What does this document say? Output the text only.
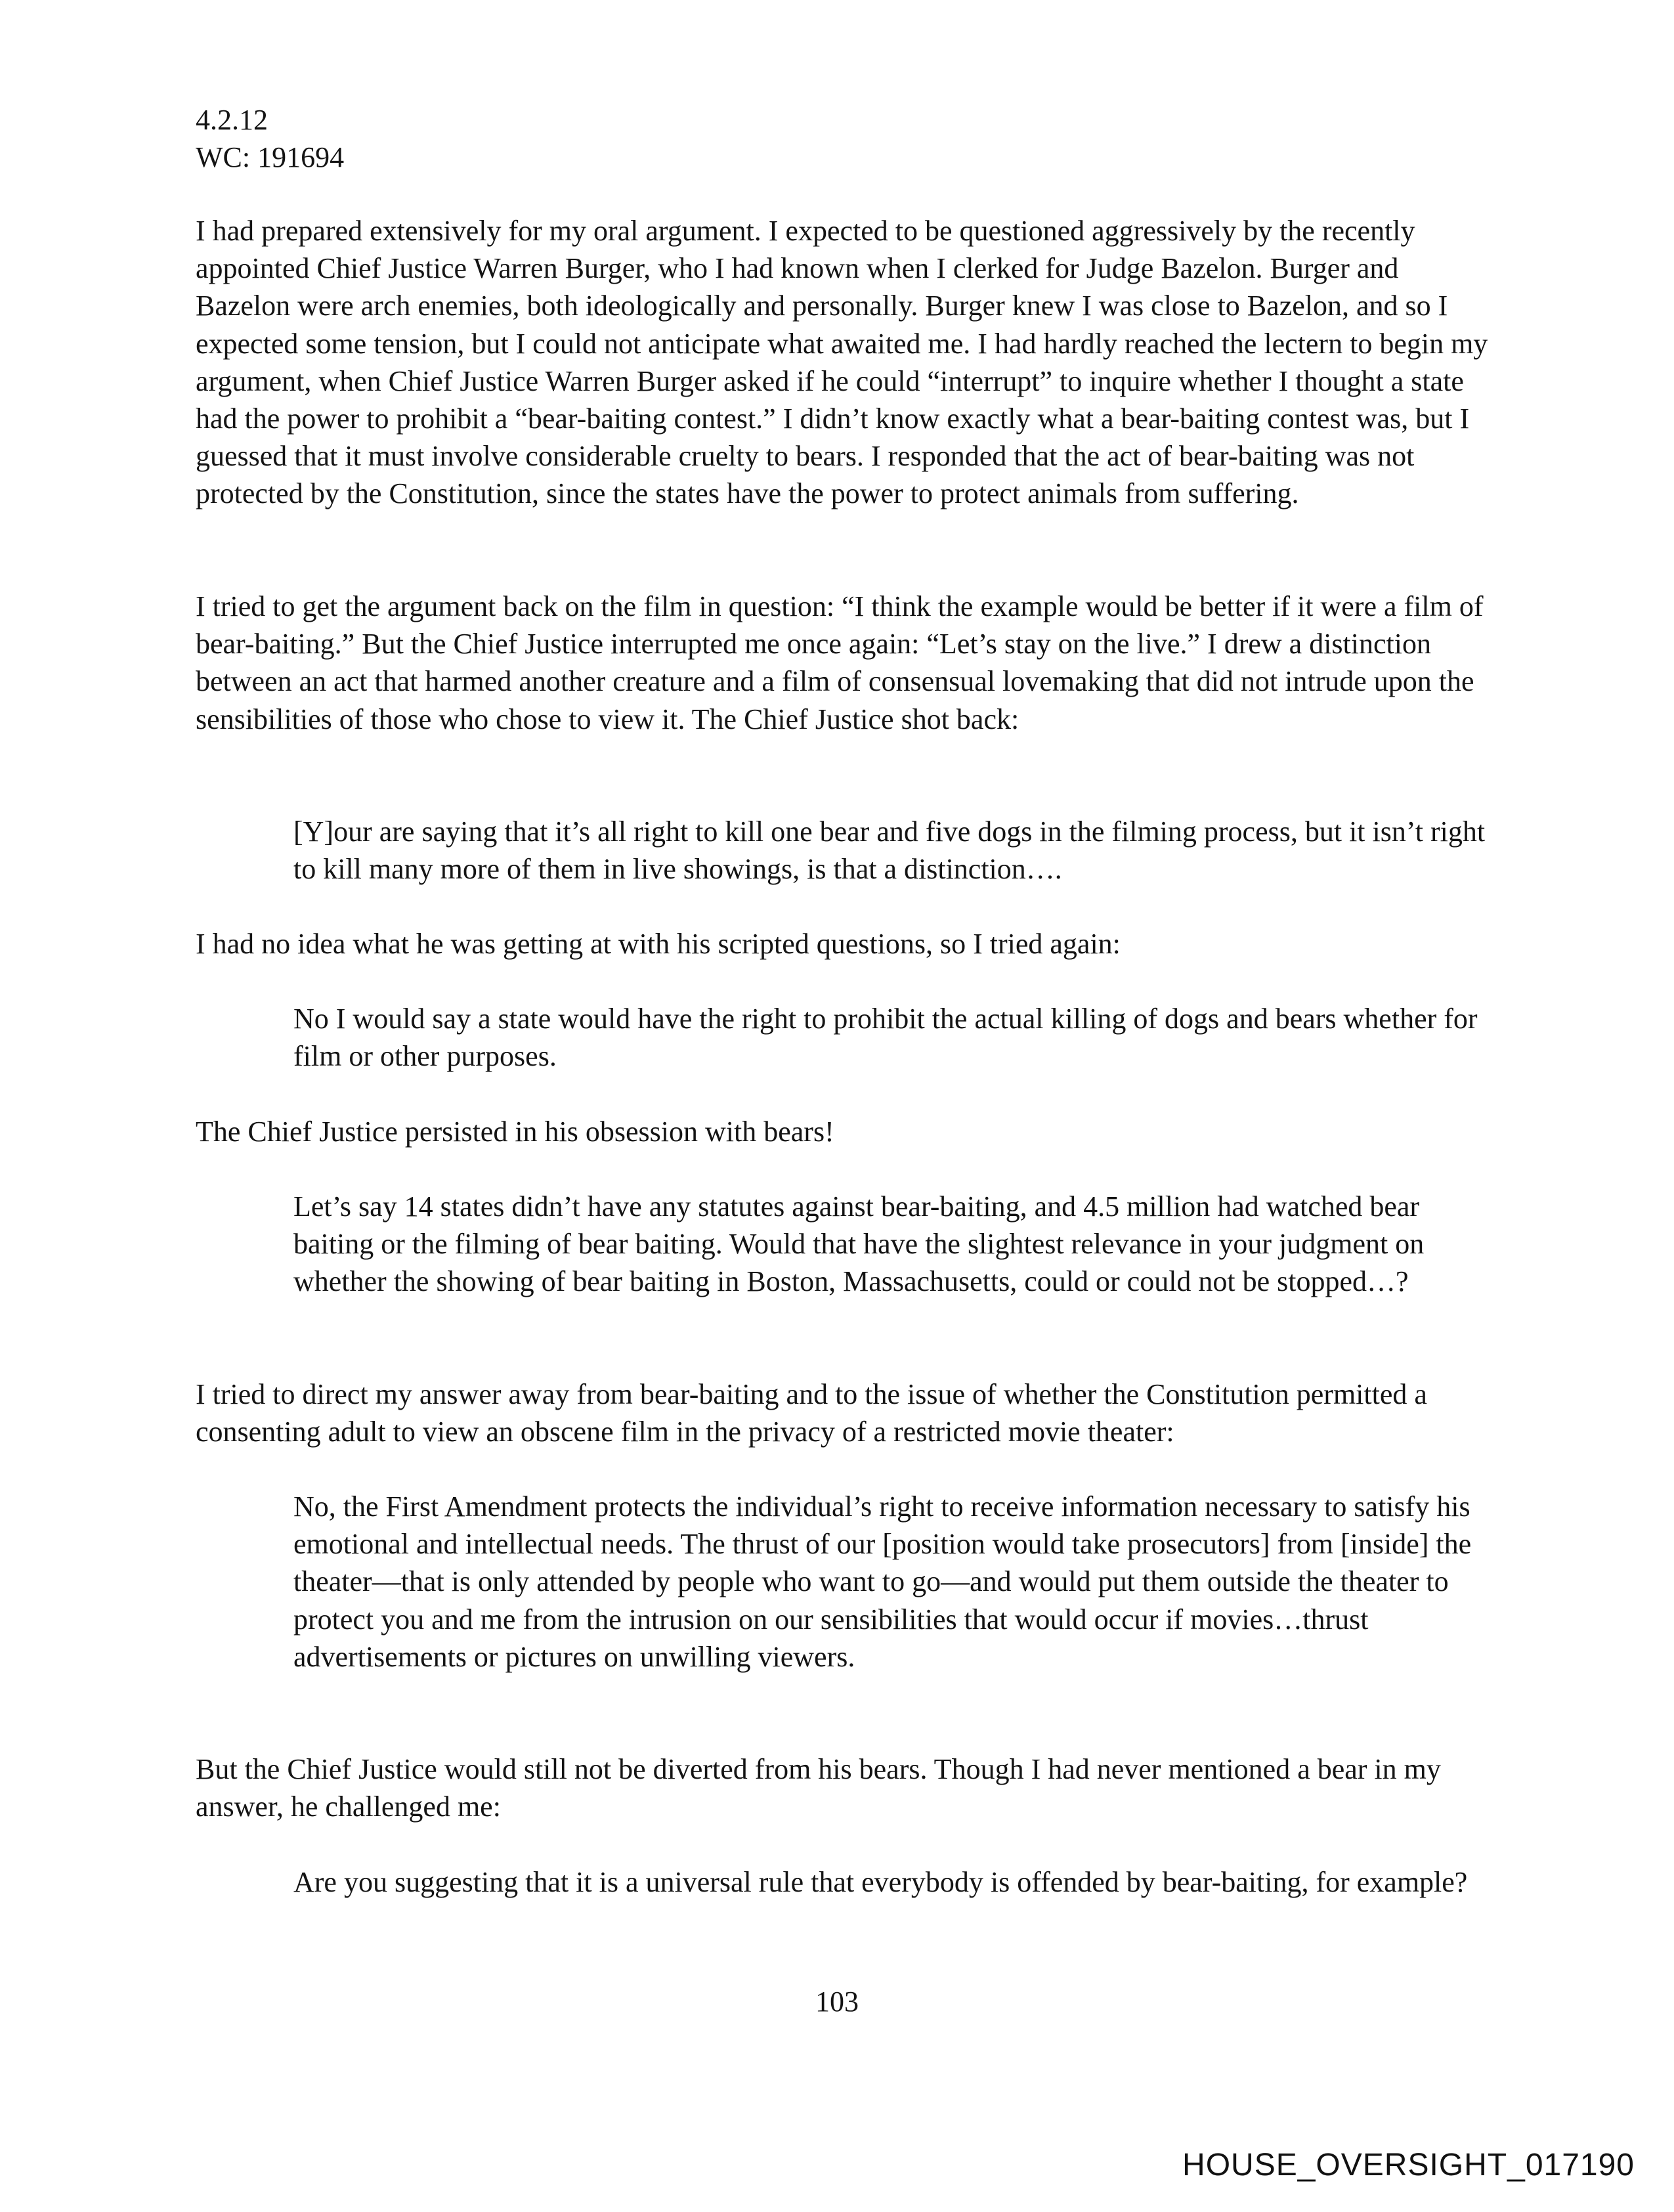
4.2.12
WC: 191694

I had prepared extensively for my oral argument. I expected to be questioned aggressively by the recently appointed Chief Justice Warren Burger, who I had known when I clerked for Judge Bazelon. Burger and Bazelon were arch enemies, both ideologically and personally. Burger knew I was close to Bazelon, and so I expected some tension, but I could not anticipate what awaited me. I had hardly reached the lectern to begin my argument, when Chief Justice Warren Burger asked if he could “interrupt” to inquire whether I thought a state had the power to prohibit a “bear-baiting contest.” I didn’t know exactly what a bear-baiting contest was, but I guessed that it must involve considerable cruelty to bears. I responded that the act of bear-baiting was not protected by the Constitution, since the states have the power to protect animals from suffering.

I tried to get the argument back on the film in question: “I think the example would be better if it were a film of bear-baiting.” But the Chief Justice interrupted me once again: “Let’s stay on the live.” I drew a distinction between an act that harmed another creature and a film of consensual lovemaking that did not intrude upon the sensibilities of those who chose to view it. The Chief Justice shot back:

[Y]our are saying that it’s all right to kill one bear and five dogs in the filming process, but it isn’t right to kill many more of them in live showings, is that a distinction….

I had no idea what he was getting at with his scripted questions, so I tried again:

No I would say a state would have the right to prohibit the actual killing of dogs and bears whether for film or other purposes.

The Chief Justice persisted in his obsession with bears!

Let’s say 14 states didn’t have any statutes against bear-baiting, and 4.5 million had watched bear baiting or the filming of bear baiting. Would that have the slightest relevance in your judgment on whether the showing of bear baiting in Boston, Massachusetts, could or could not be stopped…?

I tried to direct my answer away from bear-baiting and to the issue of whether the Constitution permitted a consenting adult to view an obscene film in the privacy of a restricted movie theater:

No, the First Amendment protects the individual’s right to receive information necessary to satisfy his emotional and intellectual needs. The thrust of our [position would take prosecutors] from [inside] the theater—that is only attended by people who want to go—and would put them outside the theater to protect you and me from the intrusion on our sensibilities that would occur if movies…thrust advertisements or pictures on unwilling viewers.

But the Chief Justice would still not be diverted from his bears. Though I had never mentioned a bear in my answer, he challenged me:

Are you suggesting that it is a universal rule that everybody is offended by bear-baiting, for example?

103
HOUSE_OVERSIGHT_017190
